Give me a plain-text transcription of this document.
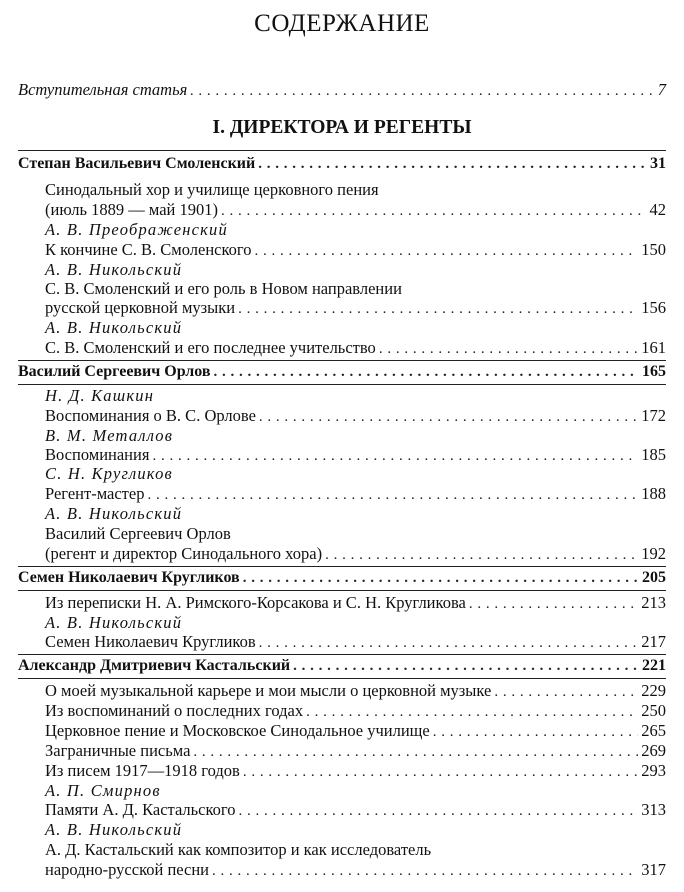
СОДЕРЖАНИЕ
Вступительная статья . . .	7
I. ДИРЕКТОРА И РЕГЕНТЫ
Степан Васильевич Смоленский . . .	31
Синодальный хор и училище церковного пения
(июль 1889 — май 1901) . . .	42
А. В. Преображенский
К кончине С. В. Смоленского . . .	150
А. В. Никольский
С. В. Смоленский и его роль в Новом направлении
русской церковной музыки . . .	156
А. В. Никольский
С. В. Смоленский и его последнее учительство . . .	161
Василий Сергеевич Орлов . . .	165
Н. Д. Кашкин
Воспоминания о В. С. Орлове . . .	172
В. М. Металлов
Воспоминания . . .	185
С. Н. Кругликов
Регент-мастер . . .	188
А. В. Никольский
Василий Сергеевич Орлов
(регент и директор Синодального хора) . . .	192
Семен Николаевич Кругликов . . .	205
Из переписки Н. А. Римского-Корсакова и С. Н. Кругликова . . .	213
А. В. Никольский
Семен Николаевич Кругликов . . .	217
Александр Дмитриевич Кастальский . . .	221
О моей музыкальной карьере и мои мысли о церковной музыке . . .	229
Из воспоминаний о последних годах . . .	250
Церковное пение и Московское Синодальное училище . . .	265
Заграничные письма . . .	269
Из писем 1917—1918 годов . . .	293
А. П. Смирнов
Памяти А. Д. Кастальского . . .	313
А. В. Никольский
А. Д. Кастальский как композитор и как исследователь
народно-русской песни . . .	317
